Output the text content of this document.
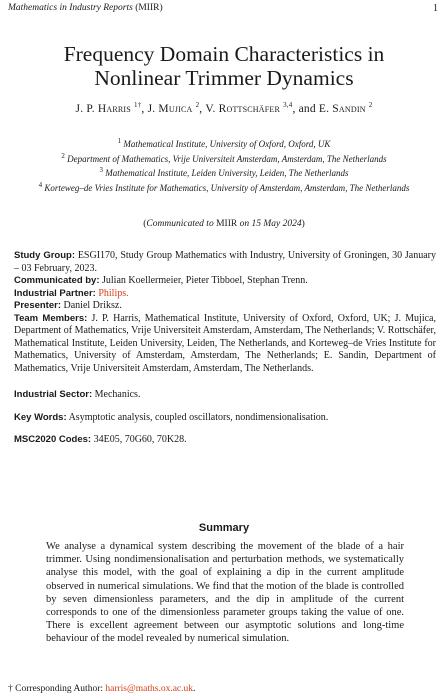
Mathematics in Industry Reports (MIIR)	1
Frequency Domain Characteristics in
Nonlinear Trimmer Dynamics
J. P. Harris $^{1\dagger}$, J. Mujica $^2$, V. Rottschäfer $^{3,4}$, and E. Sandin $^2$
$^1$ Mathematical Institute, University of Oxford, Oxford, UK
$^2$ Department of Mathematics, Vrije Universiteit Amsterdam, Amsterdam, The Netherlands
$^3$ Mathematical Institute, Leiden University, Leiden, The Netherlands
$^4$ Korteweg–de Vries Institute for Mathematics, University of Amsterdam, Amsterdam, The Netherlands
(Communicated to MIIR on 15 May 2024)

Study Group: ESGI170, Study Group Mathematics with Industry, University of Groningen, 30 January – 03 February, 2023.

Communicated by: Julian Koellermeier, Pieter Tibboel, Stephan Trenn.

Industrial Partner: Philips.

Presenter: Daniel Driksz.

Team Members: J. P. Harris, Mathematical Institute, University of Oxford, Oxford, UK; J. Mujica, Department of Mathematics, Vrije Universiteit Amsterdam, Amsterdam, The Netherlands; V. Rottschäfer, Mathematical Institute, Leiden University, Leiden, The Netherlands, and Korteweg–de Vries Institute for Mathematics, University of Amsterdam, Amsterdam, The Netherlands; E. Sandin, Department of Mathematics, Vrije Universiteit Amsterdam, Amsterdam, The Netherlands.

Industrial Sector: Mechanics.

Key Words: Asymptotic analysis, coupled oscillators, nondimensionalisation.

MSC2020 Codes: 34E05, 70G60, 70K28.

Summary

We analyse a dynamical system describing the movement of the blade of a hair trimmer. Using nondimensionalisation and perturbation methods, we systematically analyse this model, with the goal of explaining a dip in the current amplitude observed in numerical simulations. We find that the motion of the blade is controlled by seven dimensionless parameters, and the dip in amplitude of the current corresponds to one of the dimensionless parameter groups taking the value of one. There is excellent agreement between our asymptotic solutions and long-time behaviour of the model revealed by numerical simulation.

† Corresponding Author: harris@maths.ox.ac.uk.
